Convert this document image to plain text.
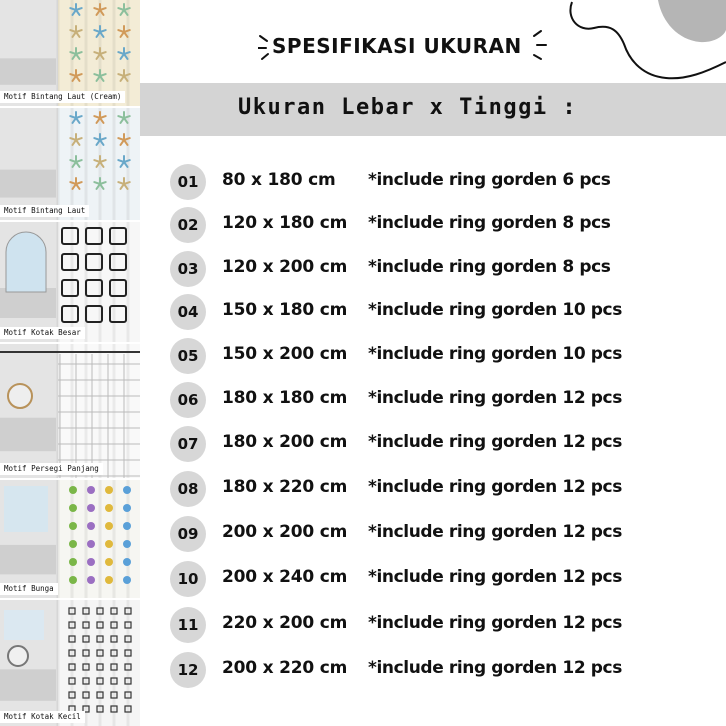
Motif Bintang Laut (Cream)
Motif Bintang Laut
Motif Kotak Besar
Motif Persegi Panjang
Motif Bunga
Motif Kotak Kecil
SPESIFIKASI UKURAN
Ukuran Lebar x Tinggi :
01	80 x 180 cm *include ring gorden 6 pcs
02	120 x 180 cm *include ring gorden 8 pcs
03	120 x 200 cm *include ring gorden 8 pcs
04	150 x 180 cm *include ring gorden 10 pcs
05	150 x 200 cm *include ring gorden 10 pcs
06	180 x 180 cm *include ring gorden 12 pcs
07	180 x 200 cm *include ring gorden 12 pcs
08	180 x 220 cm *include ring gorden 12 pcs
09	200 x 200 cm *include ring gorden 12 pcs
10	200 x 240 cm *include ring gorden 12 pcs
11	220 x 200 cm *include ring gorden 12 pcs
12	200 x 220 cm *include ring gorden 12 pcs
